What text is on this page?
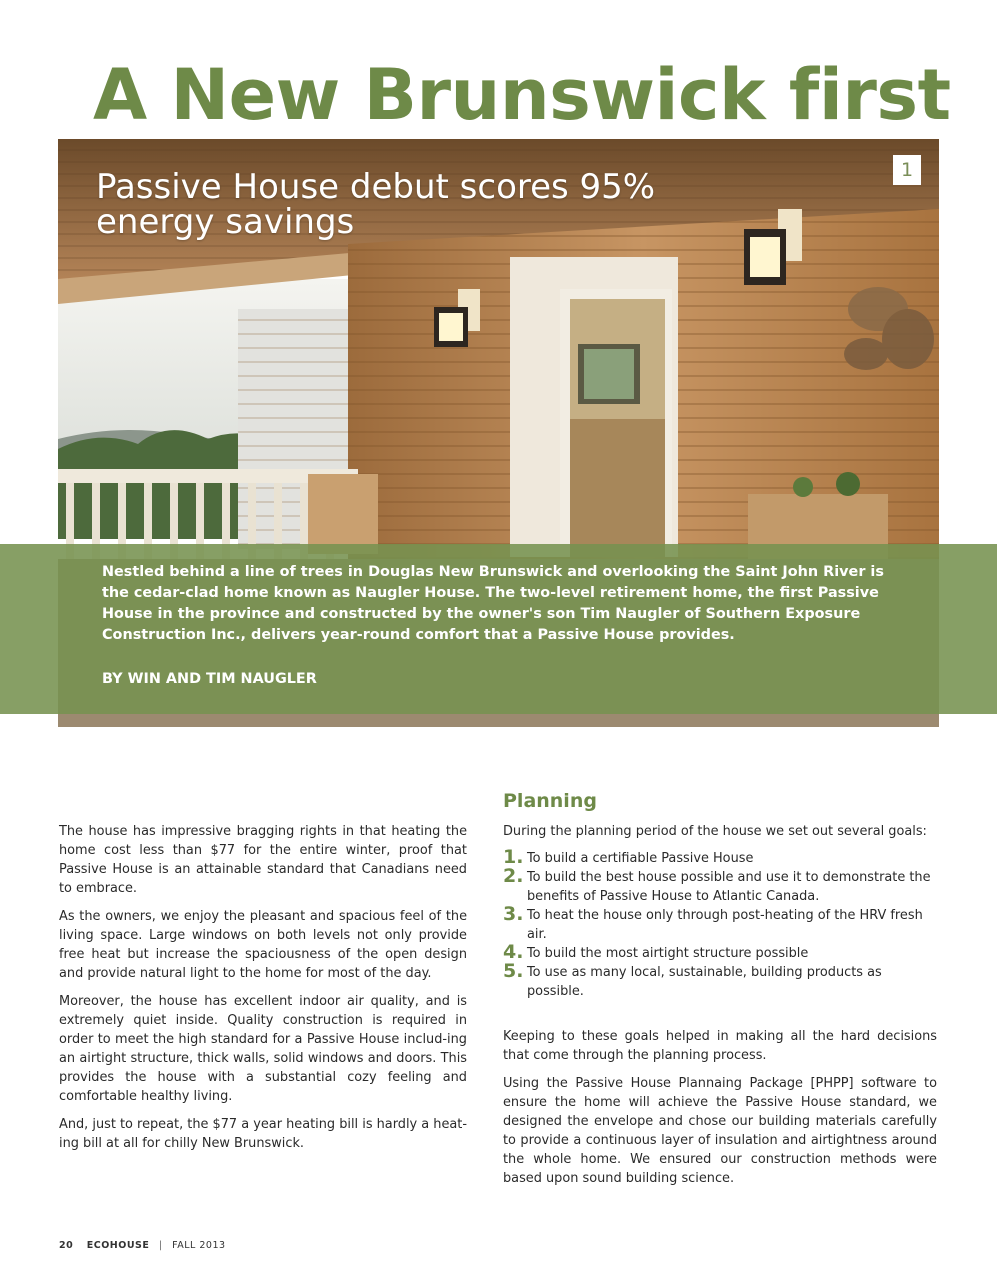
A New Brunswick first
Passive House debut scores 95% energy savings
1

Nestled behind a line of trees in Douglas New Brunswick and overlooking the Saint John River is the cedar-clad home known as Naugler House. The two-level retirement home, the first Passive House in the province and constructed by the owner's son Tim Naugler of Southern Exposure Construction Inc., delivers year-round comfort that a Passive House provides.

BY WIN AND TIM NAUGLER

The house has impressive bragging rights in that heating the home cost less than $77 for the entire winter, proof that Passive House is an attainable standard that Canadians need to embrace.

As the owners, we enjoy the pleasant and spacious feel of the living space. Large windows on both levels not only provide free heat but increase the spaciousness of the open design and provide natural light to the home for most of the day.

Moreover, the house has excellent indoor air quality, and is extremely quiet inside. Quality construction is required in order to meet the high standard for a Passive House includ-ing an airtight structure, thick walls, solid windows and doors. This provides the house with a substantial cozy feeling and comfortable healthy living.

And, just to repeat, the $77 a year heating bill is hardly a heat-ing bill at all for chilly New Brunswick.

Planning

During the planning period of the house we set out several goals:

1. To build a certifiable Passive House
2. To build the best house possible and use it to demonstrate the benefits of Passive House to Atlantic Canada.
3. To heat the house only through post-heating of the HRV fresh air.
4. To build the most airtight structure possible
5. To use as many local, sustainable, building products as possible.

Keeping to these goals helped in making all the hard decisions that come through the planning process.

Using the Passive House Plannaing Package [PHPP] software to ensure the home will achieve the Passive House standard, we designed the envelope and chose our building materials carefully to provide a continuous layer of insulation and airtightness around the whole home. We ensured our construction methods were based upon sound building science.

20 ECOHOUSE | FALL 2013
